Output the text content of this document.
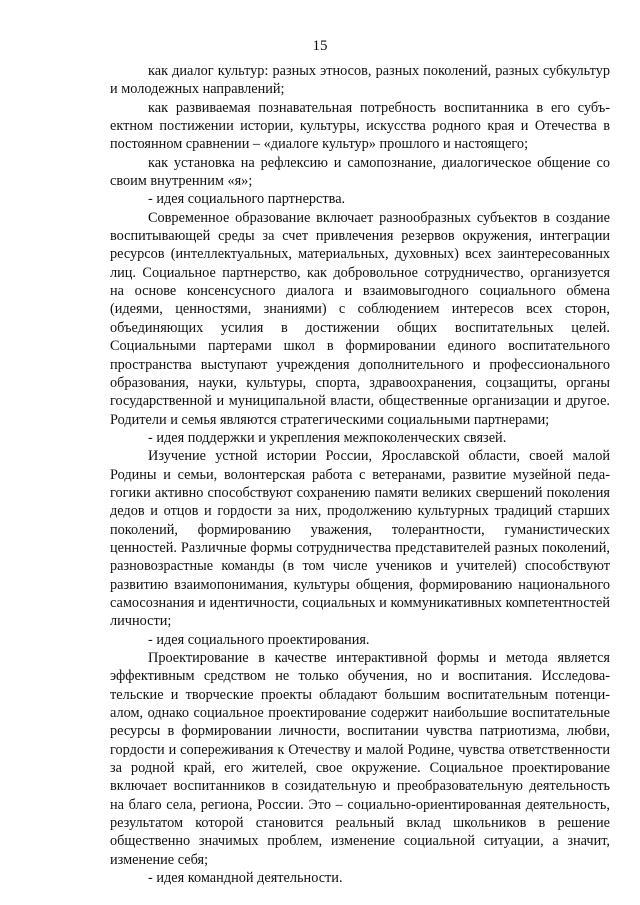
15

как диалог культур: разных этносов, разных поколений, разных субкультур и молодежных направлений;

как развиваемая познавательная потребность воспитанника в его субъектном постижении истории, культуры, искусства родного края и Отечества в постоянном сравнении – «диалоге культур» прошлого и настоящего;

как установка на рефлексию и самопознание, диалогическое общение со своим внутренним «я»;

- идея социального партнерства.

Современное образование включает разнообразных субъектов в создание воспитывающей среды за счет привлечения резервов окружения, интеграции ресурсов (интеллектуальных, материальных, духовных) всех заинтересованных лиц. Социальное партнерство, как добровольное сотрудничество, организуется на основе консенсусного диалога и взаимовыгодного социального обмена (идеями, ценностями, знаниями) с соблюдением интересов всех сторон, объединяющих усилия в достижении общих воспитательных целей. Социальными партерами школ в формировании единого воспитательного пространства выступают учреждения дополнительного и профессионального образования, науки, культуры, спорта, здравоохранения, соцзащиты, органы государственной и муниципальной власти, общественные организации и другое. Родители и семья являются стратегическими социальными партнерами;

- идея поддержки и укрепления межпоколенческих связей.

Изучение устной истории России, Ярославской области, своей малой Родины и семьи, волонтерская работа с ветеранами, развитие музейной педагогики активно способствуют сохранению памяти великих свершений поколения дедов и отцов и гордости за них, продолжению культурных традиций старших поколений, формированию уважения, толерантности, гуманистических ценностей. Различные формы сотрудничества представителей разных поколений, разновозрастные команды (в том числе учеников и учителей) способствуют развитию взаимопонимания, культуры общения, формированию национального самосознания и идентичности, социальных и коммуникативных компетентностей личности;

- идея социального проектирования.

Проектирование в качестве интерактивной формы и метода является эффективным средством не только обучения, но и воспитания. Исследовательские и творческие проекты обладают большим воспитательным потенциалом, однако социальное проектирование содержит наибольшие воспитательные ресурсы в формировании личности, воспитании чувства патриотизма, любви, гордости и сопереживания к Отечеству и малой Родине, чувства ответственности за родной край, его жителей, свое окружение. Социальное проектирование включает воспитанников в созидательную и преобразовательную деятельность на благо села, региона, России. Это – социально-ориентированная деятельность, результатом которой становится реальный вклад школьников в решение общественно значимых проблем, изменение социальной ситуации, а значит, изменение себя;

- идея командной деятельности.
